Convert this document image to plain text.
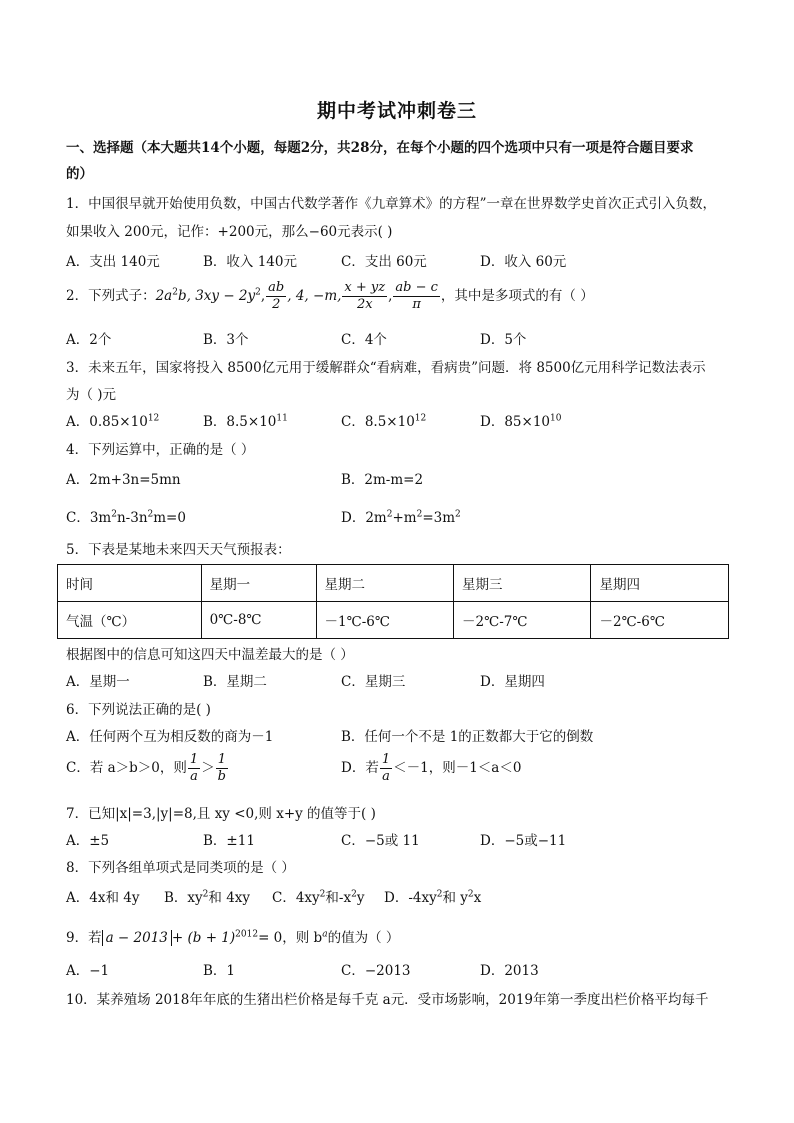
期中考试冲刺卷三
一、选择题（本大题共14个小题，每题2分，共28分，在每个小题的四个选项中只有一项是符合题目要求
的）
1．中国很早就开始使用负数，中国古代数学著作《九章算术》的方程”一章在世界数学史首次正式引入负数，
如果收入 200元，记作：+200元，那么−60元表示( )
A．支出 140元	B．收入 140元	C．支出 60元	D．收入 60元
2．下列式子：$2a^2b$, $3xy - 2y^2$, $\frac{ab}{2}$ , 4, −m, $\frac{x + yz}{2x}$ , $\frac{ab - c}{\pi}$ ，其中是多项式的有（ ）
A．2个	B．3个	C．4个	D．5个
3．未来五年，国家将投入 8500亿元用于缓解群众“看病难，看病贵”问题．将 8500亿元用科学记数法表示
为（ )元
A．$0.85\times 10^{12}$	B．$8.5\times 10^{11}$	C．$8.5\times 10^{12}$	D．$85\times 10^{10}$
4．下列运算中，正确的是（ ）
A．2m+3n=5mn	B．2m-m=2
C．$3m^2n-3n^2m=0$	D．$2m^2+m^2=3m^2$
5．下表是某地未来四天天气预报表：
时间	星期一	星期二	星期三	星期四
气温（℃）	0℃-8℃	－1℃-6℃	－2℃-7℃	－2℃-6℃
根据图中的信息可知这四天中温差最大的是（ ）
A．星期一	B．星期二	C．星期三	D．星期四
6．下列说法正确的是( )
A．任何两个互为相反数的商为－1	B．任何一个不是 1的正数都大于它的倒数
C．若 a＞b＞0，则 $\frac{1}{a} > \frac{1}{b}$	D．若 $\frac{1}{a} <-1$，则－1＜a＜0
7．已知|x|=3,|y|=8,且 xy <0,则 x+y 的值等于( )
A．±5	B．±11	C．−5或 11	D．−5或−11
8．下列各组单项式是同类项的是（ ）
A．4x和 4y B．$xy^2$和 4xy C．$4xy^2$和$-x^2y$ D．$-4xy^2$和 $y^2x$
9．若 $a - 2013 + (b + 1)^{2012}= 0$，则 $b^a$的值为（ ）
A．−1	B．1	C．−2013	D．2013
10．某养殖场 2018年年底的生猪出栏价格是每千克 a元．受市场影响，2019年第一季度出栏价格平均每千
